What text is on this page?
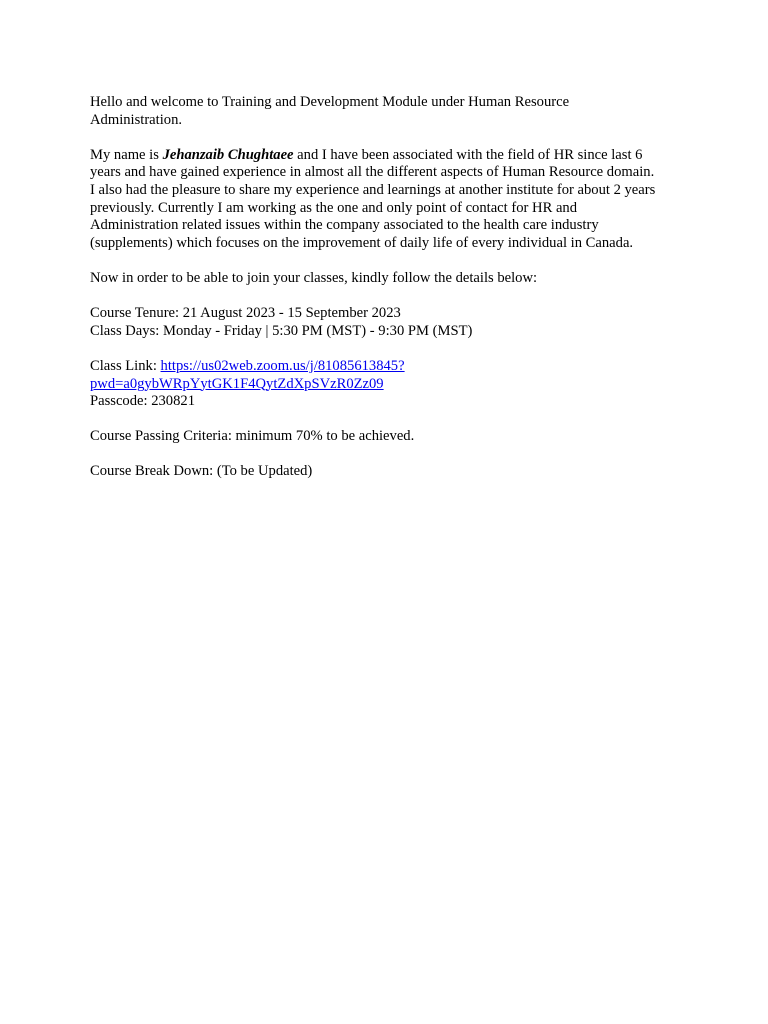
Hello and welcome to Training and Development Module under Human Resource
Administration.
My name is Jehanzaib Chughtaee and I have been associated with the field of HR since last 6
years and have gained experience in almost all the different aspects of Human Resource domain.
I also had the pleasure to share my experience and learnings at another institute for about 2 years
previously. Currently I am working as the one and only point of contact for HR and
Administration related issues within the company associated to the health care industry
(supplements) which focuses on the improvement of daily life of every individual in Canada.
Now in order to be able to join your classes, kindly follow the details below:
Course Tenure: 21 August 2023 - 15 September 2023
Class Days: Monday - Friday | 5:30 PM (MST) - 9:30 PM (MST)
Class Link: https://us02web.zoom.us/j/81085613845?
pwd=a0gybWRpYytGK1F4QytZdXpSVzR0Zz09
Passcode: 230821
Course Passing Criteria: minimum 70% to be achieved.
Course Break Down: (To be Updated)
